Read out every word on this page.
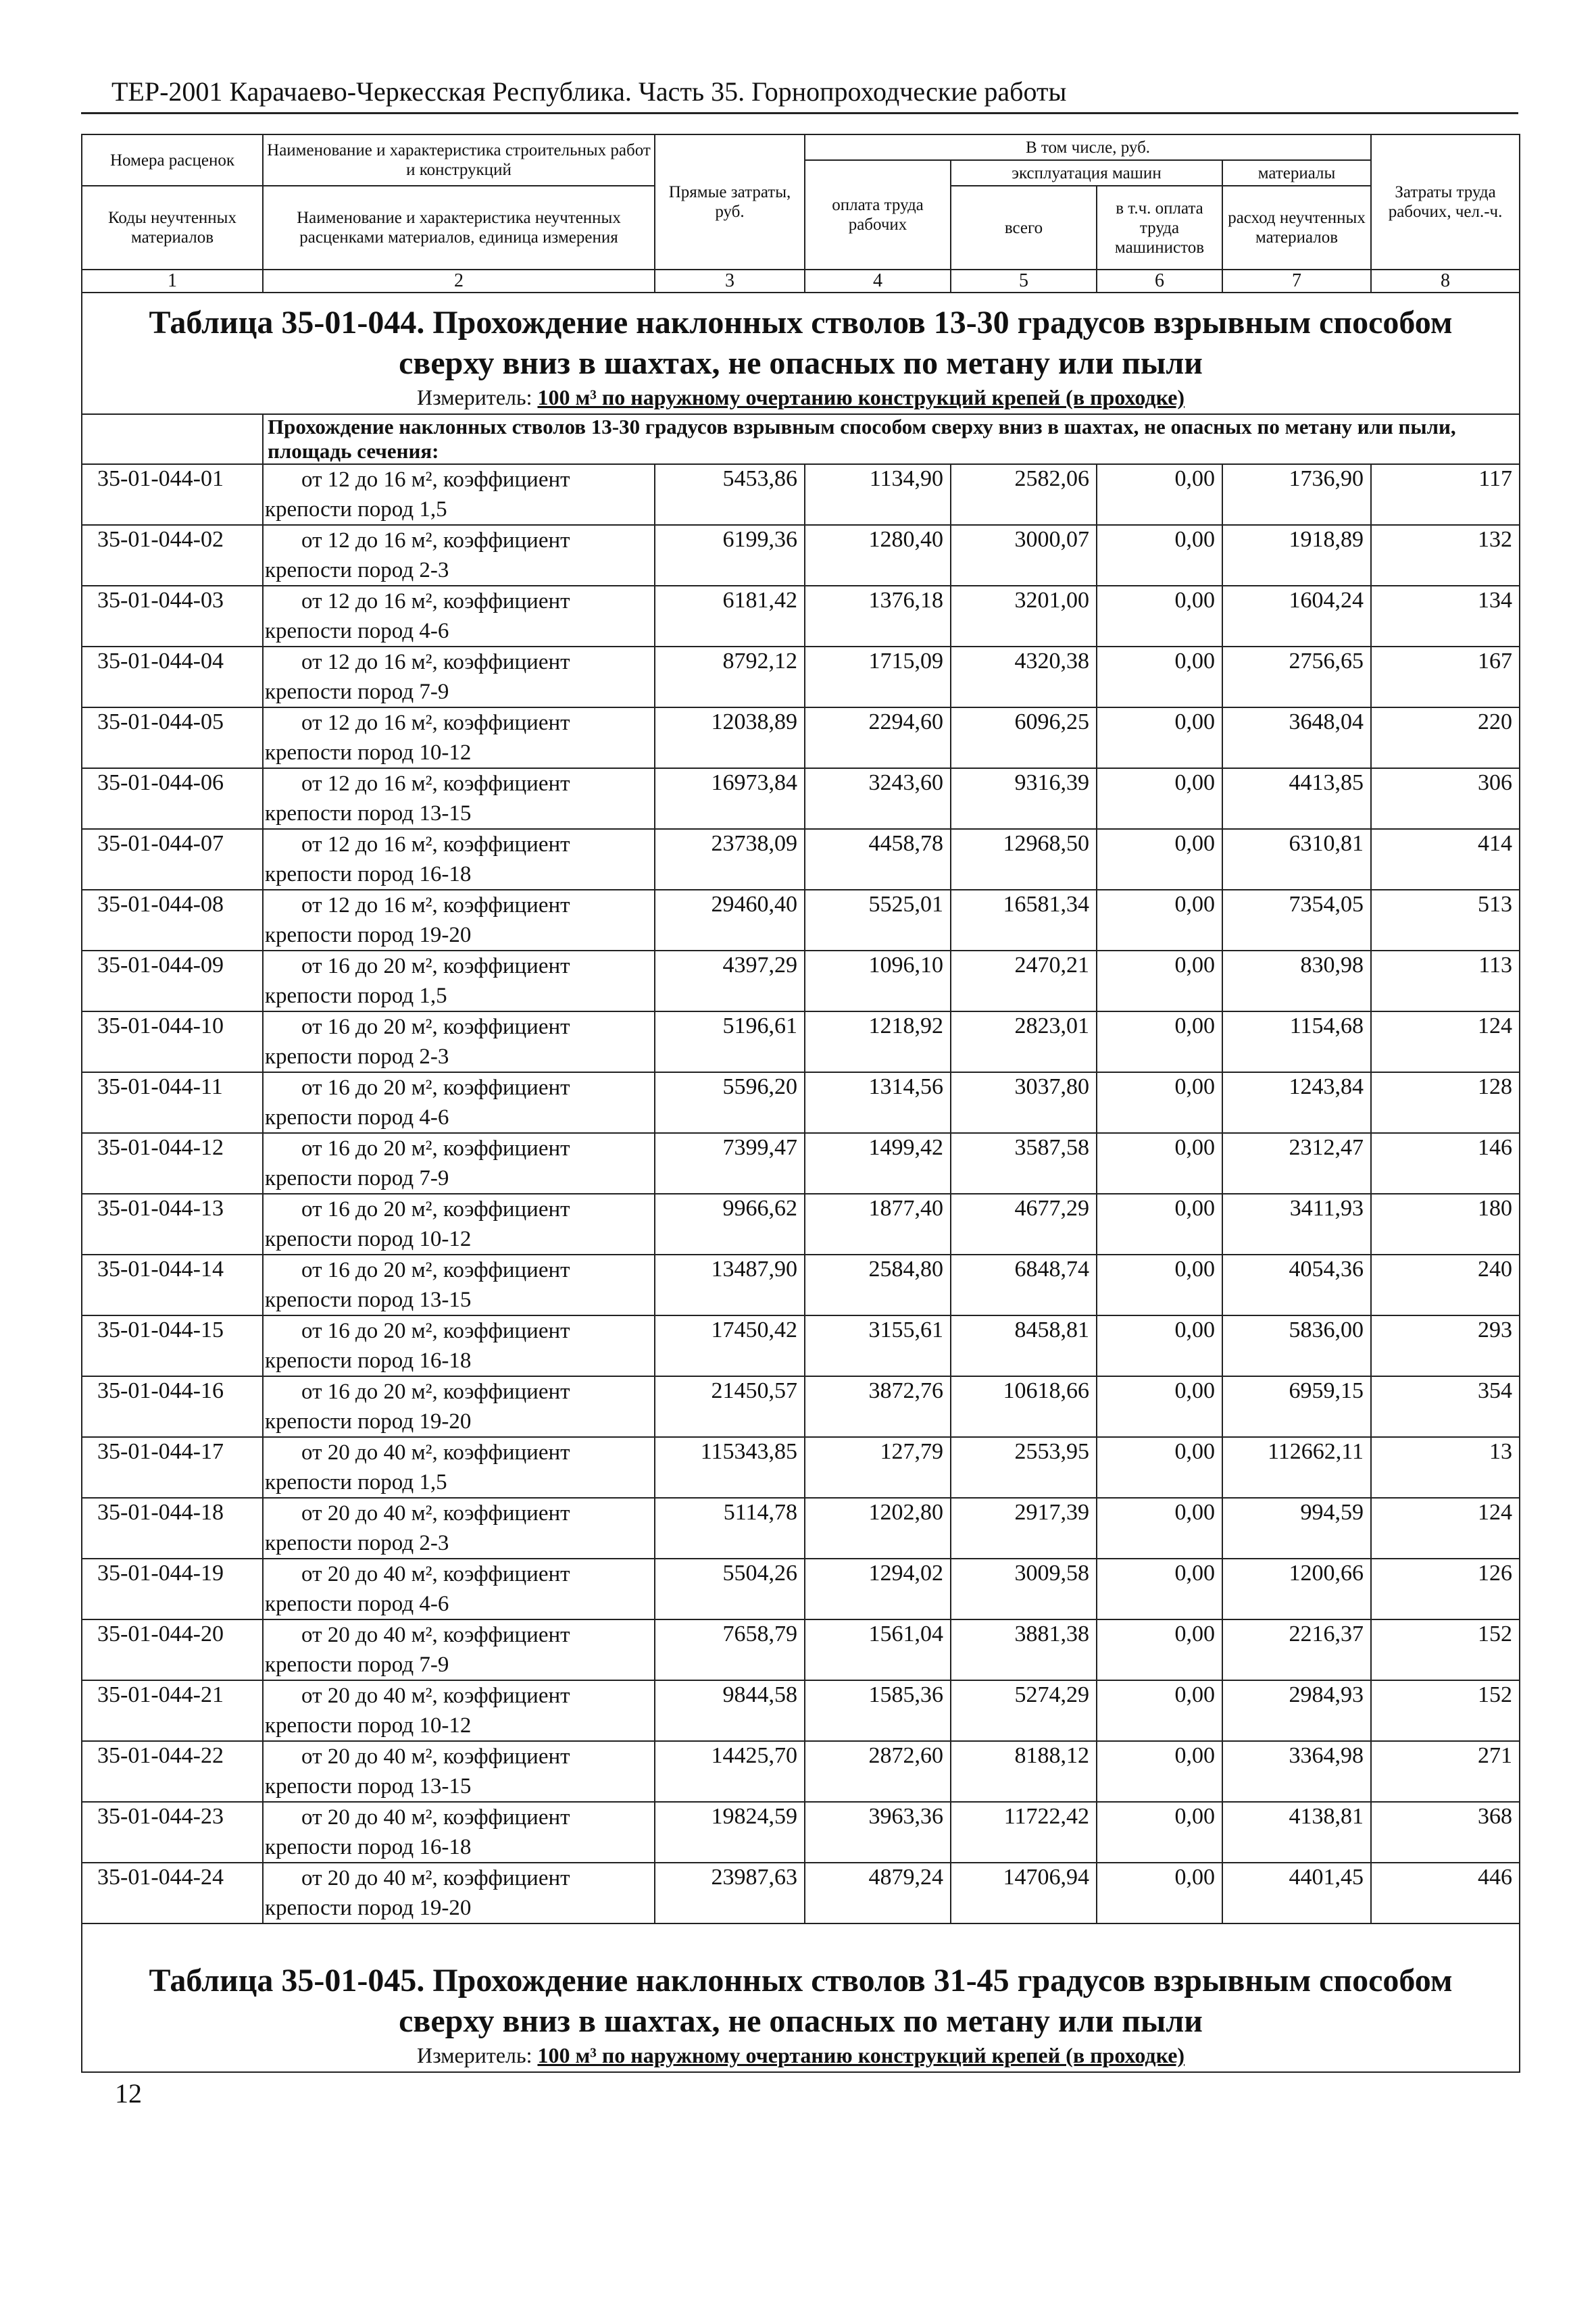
ТЕР-2001 Карачаево-Черкесская Республика. Часть 35. Горнопроходческие работы
Номера расценок	Наименование и характеристика строительных работ и конструкций	Прямые затраты, руб.	В том числе, руб.				Затраты труда рабочих, чел.-ч.
			оплата труда рабочих	эксплуатация машин		материалы	
Коды неучтенных материалов	Наименование и характеристика неучтенных расценками материалов, единица измерения			всего	в т.ч. оплата труда машинистов	расход неучтенных материалов	

1	2	3	4	5	6	7	8

Таблица 35-01-044. Прохождение наклонных стволов 13-30 градусов взрывным способом
сверху вниз в шахтах, не опасных по метану или пыли							

Измеритель: 100 м³ по наружному очертанию конструкций крепей (в проходке)							
	Прохождение наклонных стволов 13-30 градусов взрывным способом сверху вниз в шахтах, не опасных по метану или пыли, площадь сечения:						
35-01-044-01	от 12 до 16 м², коэффициент
крепости пород 1,5	5453,86	1134,90	2582,06	0,00	1736,90	117
35-01-044-02	от 12 до 16 м², коэффициент
крепости пород 2-3	6199,36	1280,40	3000,07	0,00	1918,89	132
35-01-044-03	от 12 до 16 м², коэффициент
крепости пород 4-6	6181,42	1376,18	3201,00	0,00	1604,24	134
35-01-044-04	от 12 до 16 м², коэффициент
крепости пород 7-9	8792,12	1715,09	4320,38	0,00	2756,65	167
35-01-044-05	от 12 до 16 м², коэффициент
крепости пород 10-12	12038,89	2294,60	6096,25	0,00	3648,04	220
35-01-044-06	от 12 до 16 м², коэффициент
крепости пород 13-15	16973,84	3243,60	9316,39	0,00	4413,85	306
35-01-044-07	от 12 до 16 м², коэффициент
крепости пород 16-18	23738,09	4458,78	12968,50	0,00	6310,81	414
35-01-044-08	от 12 до 16 м², коэффициент
крепости пород 19-20	29460,40	5525,01	16581,34	0,00	7354,05	513
35-01-044-09	от 16 до 20 м², коэффициент
крепости пород 1,5	4397,29	1096,10	2470,21	0,00	830,98	113
35-01-044-10	от 16 до 20 м², коэффициент
крепости пород 2-3	5196,61	1218,92	2823,01	0,00	1154,68	124
35-01-044-11	от 16 до 20 м², коэффициент
крепости пород 4-6	5596,20	1314,56	3037,80	0,00	1243,84	128
35-01-044-12	от 16 до 20 м², коэффициент
крепости пород 7-9	7399,47	1499,42	3587,58	0,00	2312,47	146
35-01-044-13	от 16 до 20 м², коэффициент
крепости пород 10-12	9966,62	1877,40	4677,29	0,00	3411,93	180
35-01-044-14	от 16 до 20 м², коэффициент
крепости пород 13-15	13487,90	2584,80	6848,74	0,00	4054,36	240
35-01-044-15	от 16 до 20 м², коэффициент
крепости пород 16-18	17450,42	3155,61	8458,81	0,00	5836,00	293
35-01-044-16	от 16 до 20 м², коэффициент
крепости пород 19-20	21450,57	3872,76	10618,66	0,00	6959,15	354
35-01-044-17	от 20 до 40 м², коэффициент
крепости пород 1,5	115343,85	127,79	2553,95	0,00	112662,11	13
35-01-044-18	от 20 до 40 м², коэффициент
крепости пород 2-3	5114,78	1202,80	2917,39	0,00	994,59	124
35-01-044-19	от 20 до 40 м², коэффициент
крепости пород 4-6	5504,26	1294,02	3009,58	0,00	1200,66	126
35-01-044-20	от 20 до 40 м², коэффициент
крепости пород 7-9	7658,79	1561,04	3881,38	0,00	2216,37	152
35-01-044-21	от 20 до 40 м², коэффициент
крепости пород 10-12	9844,58	1585,36	5274,29	0,00	2984,93	152
35-01-044-22	от 20 до 40 м², коэффициент
крепости пород 13-15	14425,70	2872,60	8188,12	0,00	3364,98	271
35-01-044-23	от 20 до 40 м², коэффициент
крепости пород 16-18	19824,59	3963,36	11722,42	0,00	4138,81	368
35-01-044-24	от 20 до 40 м², коэффициент
крепости пород 19-20	23987,63	4879,24	14706,94	0,00	4401,45	446

Таблица 35-01-045. Прохождение наклонных стволов 31-45 градусов взрывным способом
сверху вниз в шахтах, не опасных по метану или пыли							

Измеритель: 100 м³ по наружному очертанию конструкций крепей (в проходке)							
12
